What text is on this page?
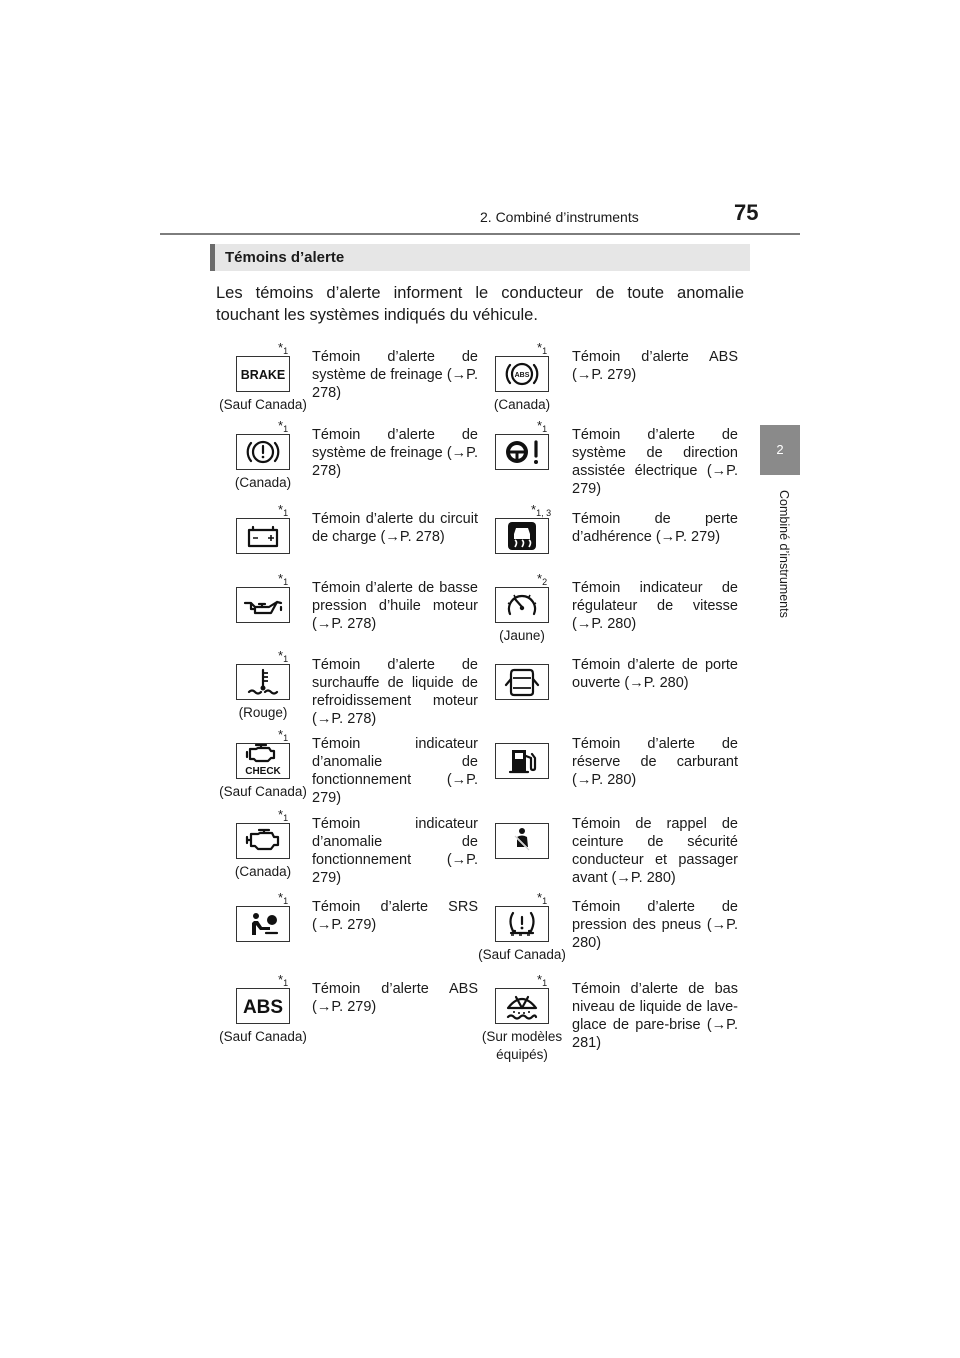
2. Combiné d’instruments	75
2
Combiné d’instruments
Témoins d’alerte
Les témoins d’alerte informent le conducteur de toute anomalie touchant les systèmes indiqués du véhicule.
$*_1$
BRAKE
(Sauf Canada)
Témoin d’alerte de système de freinage (→P. 278)
$*_1$
ABS
(Canada)
Témoin d’alerte ABS (→P. 279)
$*_1$
(Canada)
Témoin d’alerte de système de freinage (→P. 278)
$*_1$ Témoin d’alerte de système de direction assistée électrique (→P. 279)
$*_1$ Témoin d’alerte du circuit de charge (→P. 278)
$*_{1, 3}$ Témoin de perte d’adhérence (→P. 279)
$*_1$ Témoin d’alerte de basse pression d’huile moteur (→P. 278)
$*_2$
(Jaune)
Témoin indicateur de régulateur de vitesse (→P. 280)
$*_1$
(Rouge)
Témoin d’alerte de surchauffe de liquide de refroidissement moteur (→P. 278)
Témoin d’alerte de porte ouverte (→P. 280)
$*_1$
CHECK
(Sauf Canada)
Témoin indicateur d’anomalie de fonctionnement (→P. 279)
Témoin d’alerte de réserve de carburant (→P. 280)
$*_1$
(Canada)
Témoin indicateur d’anomalie de fonctionnement (→P. 279)
Témoin de rappel de ceinture de sécurité conducteur et passager avant (→P. 280)
$*_1$ Témoin d’alerte SRS (→P. 279)
$*_1$
(Sauf Canada)
Témoin d’alerte de pression des pneus (→P. 280)
$*_1$
ABS
(Sauf Canada)
Témoin d’alerte ABS (→P. 279)
$*_1$
(Sur modèles équipés)
Témoin d’alerte de bas niveau de liquide de lave-glace de pare-brise (→P. 281)
